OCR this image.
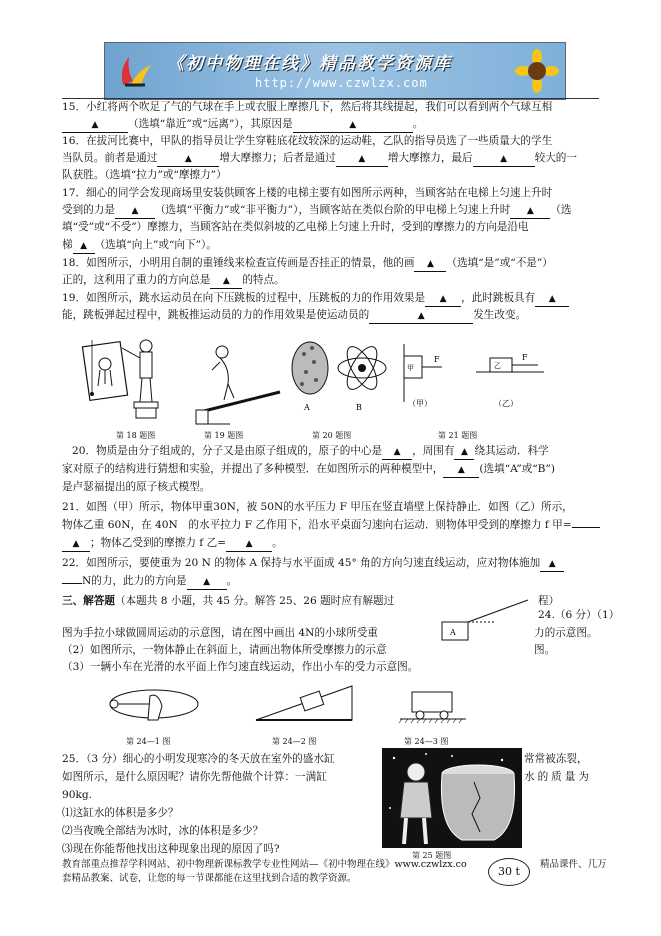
《初中物理在线》精品教学资源库
http://www.czwlzx.com
15．小红将两个吹足了气的气球在手上或衣服上摩擦几下，然后将其线提起，我们可以看到两个气球互相
▲	（选填“靠近”或“远离”），其原因是	▲	。
16．在拔河比赛中，甲队的指导员让学生穿鞋底花纹较深的运动鞋，乙队的指导员选了一些质量大的学生
当队员。前者是通过	▲	增大摩擦力；后者是通过	▲ 增大摩擦力，最后	▲	较大的一
队获胜。（选填“拉力”或“摩擦力”）
17．细心的同学会发现商场里安装供顾客上楼的电梯主要有如图所示两种，当顾客站在电梯上匀速上升时
受到的力是 ▲ （选填“平衡力”或“非平衡力”），当顾客站在类似台阶的甲电梯上匀速上升时 ▲ （选
填“受”或“不受”）摩擦力，当顾客站在类似斜坡的乙电梯上匀速上升时，受到的摩擦力的方向是沿电
梯 ▲ （选填“向上”或“向下”）。
18．如图所示，小明用自制的重锤线来检查宣传画是否挂正的情景，他的画 ▲ （选填“是”或“不是”）
正的，这利用了重力的方向总是 ▲ 的特点。
19．如图所示，跳水运动员在向下压跳板的过程中，压跳板的力的作用效果是 ▲ ，此时跳板具有 ▲
能，跳板弹起过程中，跳板推运动员的力的作用效果是使运动员的	▲	发生改变。
A	B
甲
F
（甲）
乙
F
（乙）
第 18 题图	第 19 题图	第 20 题图	第 21 题图
20．物质是由分子组成的，分子又是由原子组成的，原子的中心是 ▲ ，周围有 ▲ 绕其运动．科学
家对原子的结构进行猜想和实验，并提出了多种模型．在如图所示的两种模型中， ▲ (选填“A”或“B”)
是卢瑟福提出的原子核式模型。
21．如图（甲）所示，物体甲重30N，被 50N的水平压力 F 甲压在竖直墙壁上保持静止．如图（乙）所示，
物体乙重 60N，在 40N　的水平拉力 F 乙作用下，沿水平桌面匀速向右运动．则物体甲受到的摩擦力 f 甲=
▲ ；物体乙受到的摩擦力 f 乙= ▲ 。
22．如图所示，要使重为 20 N 的物体 A 保持与水平面成 45° 角的方向匀速直线运动，应对物体施加 ▲
N的力，此力的方向是 ▲ 。
三、解答题（本题共 8 小题，共 45 分。解答 25、26 题时应有解题过	程）
A
24.（6 分）（1）
图为手拉小球做圆周运动的示意图，请在图中画出 4N的小球所受重	力的示意图。
（2）如图所示，一物体静止在斜面上，请画出物体所受摩擦力的示意	图。
（3）一辆小车在光滑的水平面上作匀速直线运动，作出小车的受力示意图。
第 24—1 图	第 24—2 图	第 24—3 图
25．（3 分）细心的小明发现寒冷的冬天放在室外的盛水缸	常常被冻裂，
如图所示，是什么原因呢？请你先帮他做个计算：一满缸	水的质量为
90kg.
⑴这缸水的体积是多少？
⑵当夜晚全部结为冰时，冰的体积是多少？
⑶现在你能帮他找出这种现象出现的原因了吗?
第 25 题图
教育部重点推荐学科网站、初中物理新课标教学专业性网站—《初中物理在线》www.czwlzx.co	精品课件、几万
套精品教案、试卷，让您的每一节课都能在这里找到合适的教学资源。
30 t
